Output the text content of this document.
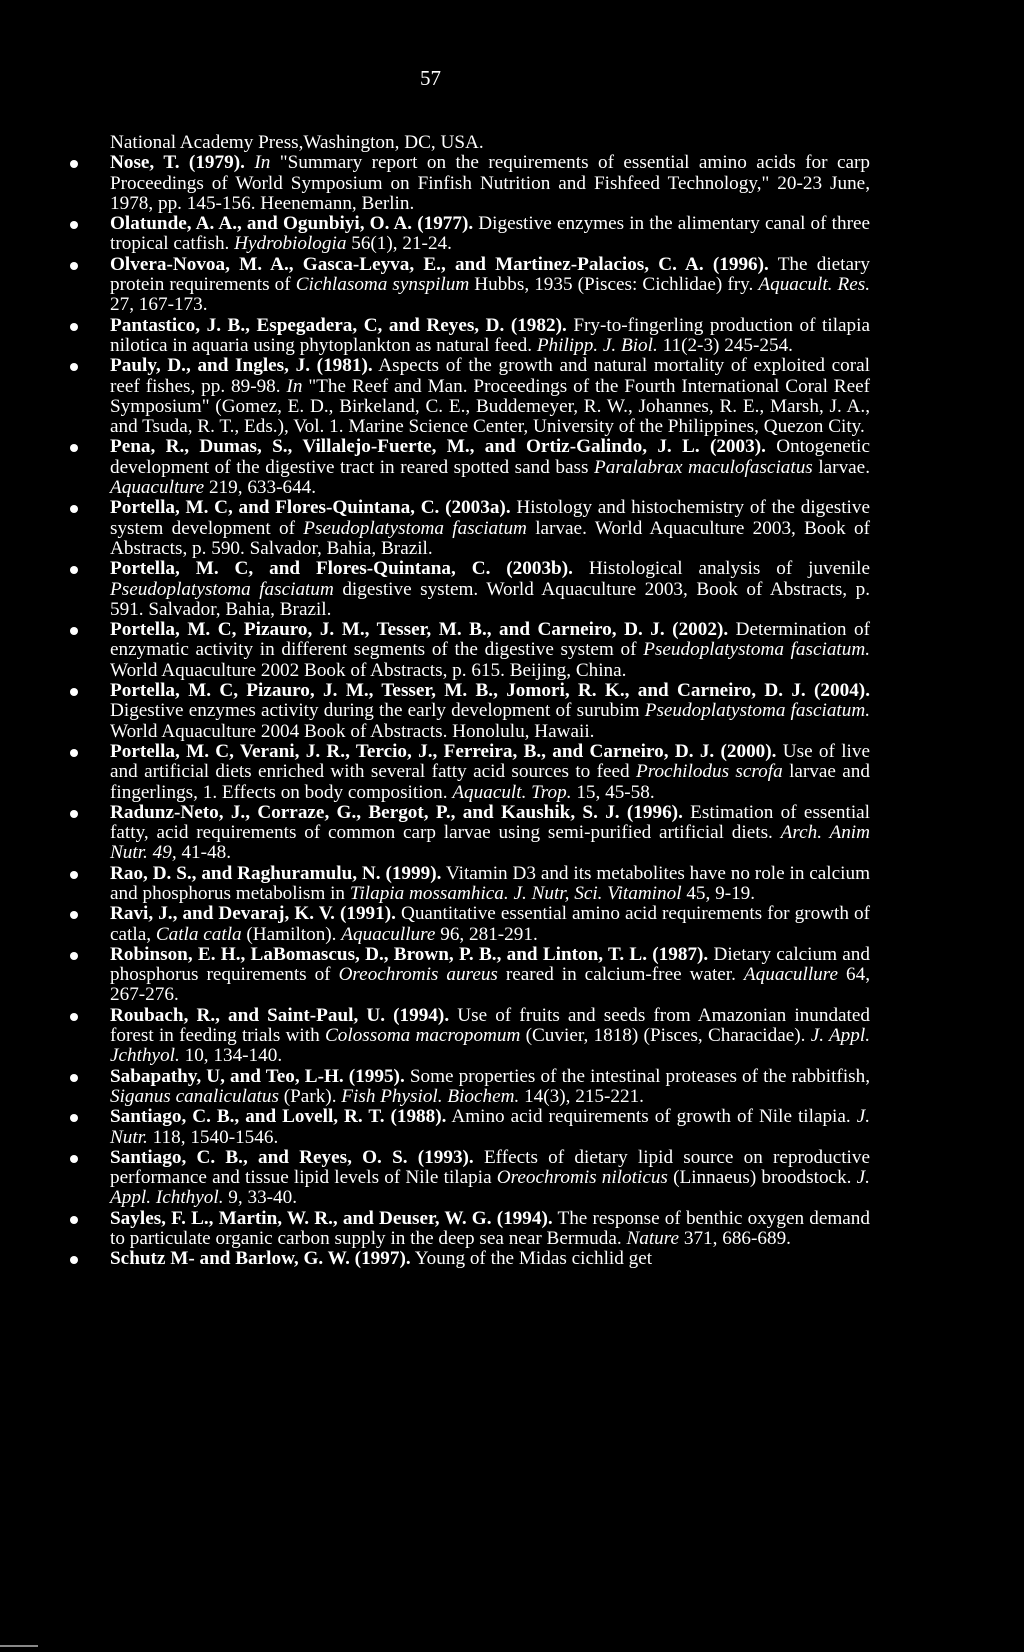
57

National Academy Press,Washington, DC, USA.

Nose, T. (1979). In "Summary report on the requirements of essential amino acids for carp Proceedings of World Symposium on Finfish Nutrition and Fishfeed Technology," 20-23 June, 1978, pp. 145-156. Heenemann, Berlin.

Olatunde, A. A., and Ogunbiyi, O. A. (1977). Digestive enzymes in the alimentary canal of three tropical catfish. Hydrobiologia 56(1), 21-24.

Olvera-Novoa, M. A., Gasca-Leyva, E., and Martinez-Palacios, C. A. (1996). The dietary protein requirements of Cichlasoma synspilum Hubbs, 1935 (Pisces: Cichlidae) fry. Aquacult. Res. 27, 167-173.

Pantastico, J. B., Espegadera, C, and Reyes, D. (1982). Fry-to-fingerling production of tilapia nilotica in aquaria using phytoplankton as natural feed. Philipp. J. Biol. 11(2-3) 245-254.

Pauly, D., and Ingles, J. (1981). Aspects of the growth and natural mortality of exploited coral reef fishes, pp. 89-98. In "The Reef and Man. Proceedings of the Fourth International Coral Reef Symposium" (Gomez, E. D., Birkeland, C. E., Buddemeyer, R. W., Johannes, R. E., Marsh, J. A., and Tsuda, R. T., Eds.), Vol. 1. Marine Science Center, University of the Philippines, Quezon City.

Pena, R., Dumas, S., Villalejo-Fuerte, M., and Ortiz-Galindo, J. L. (2003). Ontogenetic development of the digestive tract in reared spotted sand bass Paralabrax maculofasciatus larvae. Aquaculture 219, 633-644.

Portella, M. C, and Flores-Quintana, C. (2003a). Histology and histochemistry of the digestive system development of Pseudoplatystoma fasciatum larvae. World Aquaculture 2003, Book of Abstracts, p. 590. Salvador, Bahia, Brazil.

Portella, M. C, and Flores-Quintana, C. (2003b). Histological analysis of juvenile Pseudoplatystoma fasciatum digestive system. World Aquaculture 2003, Book of Abstracts, p. 591. Salvador, Bahia, Brazil.

Portella, M. C, Pizauro, J. M., Tesser, M. B., and Carneiro, D. J. (2002). Determination of enzymatic activity in different segments of the digestive system of Pseudoplatystoma fasciatum. World Aquaculture 2002 Book of Abstracts, p. 615. Beijing, China.

Portella, M. C, Pizauro, J. M., Tesser, M. B., Jomori, R. K., and Carneiro, D. J. (2004). Digestive enzymes activity during the early development of surubim Pseudoplatystoma fasciatum. World Aquaculture 2004 Book of Abstracts. Honolulu, Hawaii.

Portella, M. C, Verani, J. R., Tercio, J., Ferreira, B., and Carneiro, D. J. (2000). Use of live and artificial diets enriched with several fatty acid sources to feed Prochilodus scrofa larvae and fingerlings, 1. Effects on body composition. Aquacult. Trop. 15, 45-58.

Radunz-Neto, J., Corraze, G., Bergot, P., and Kaushik, S. J. (1996). Estimation of essential fatty, acid requirements of common carp larvae using semi-purified artificial diets. Arch. Anim Nutr. 49, 41-48.

Rao, D. S., and Raghuramulu, N. (1999). Vitamin D3 and its metabolites have no role in calcium and phosphorus metabolism in Tilapia mossamhica. J. Nutr, Sci. Vitaminol 45, 9-19.

Ravi, J., and Devaraj, K. V. (1991). Quantitative essential amino acid requirements for growth of catla, Catla catla (Hamilton). Aquacullure 96, 281-291.

Robinson, E. H., LaBomascus, D., Brown, P. B., and Linton, T. L. (1987). Dietary calcium and phosphorus requirements of Oreochromis aureus reared in calcium-free water. Aquacullure 64, 267-276.

Roubach, R., and Saint-Paul, U. (1994). Use of fruits and seeds from Amazonian inundated forest in feeding trials with Colossoma macropomum (Cuvier, 1818) (Pisces, Characidae). J. Appl. Jchthyol. 10, 134-140.

Sabapathy, U, and Teo, L-H. (1995). Some properties of the intestinal proteases of the rabbitfish, Siganus canaliculatus (Park). Fish Physiol. Biochem. 14(3), 215-221.

Santiago, C. B., and Lovell, R. T. (1988). Amino acid requirements of growth of Nile tilapia. J. Nutr. 118, 1540-1546.

Santiago, C. B., and Reyes, O. S. (1993). Effects of dietary lipid source on reproductive performance and tissue lipid levels of Nile tilapia Oreochromis niloticus (Linnaeus) broodstock. J. Appl. Ichthyol. 9, 33-40.

Sayles, F. L., Martin, W. R., and Deuser, W. G. (1994). The response of benthic oxygen demand to particulate organic carbon supply in the deep sea near Bermuda. Nature 371, 686-689.

Schutz M- and Barlow, G. W. (1997). Young of the Midas cichlid get
